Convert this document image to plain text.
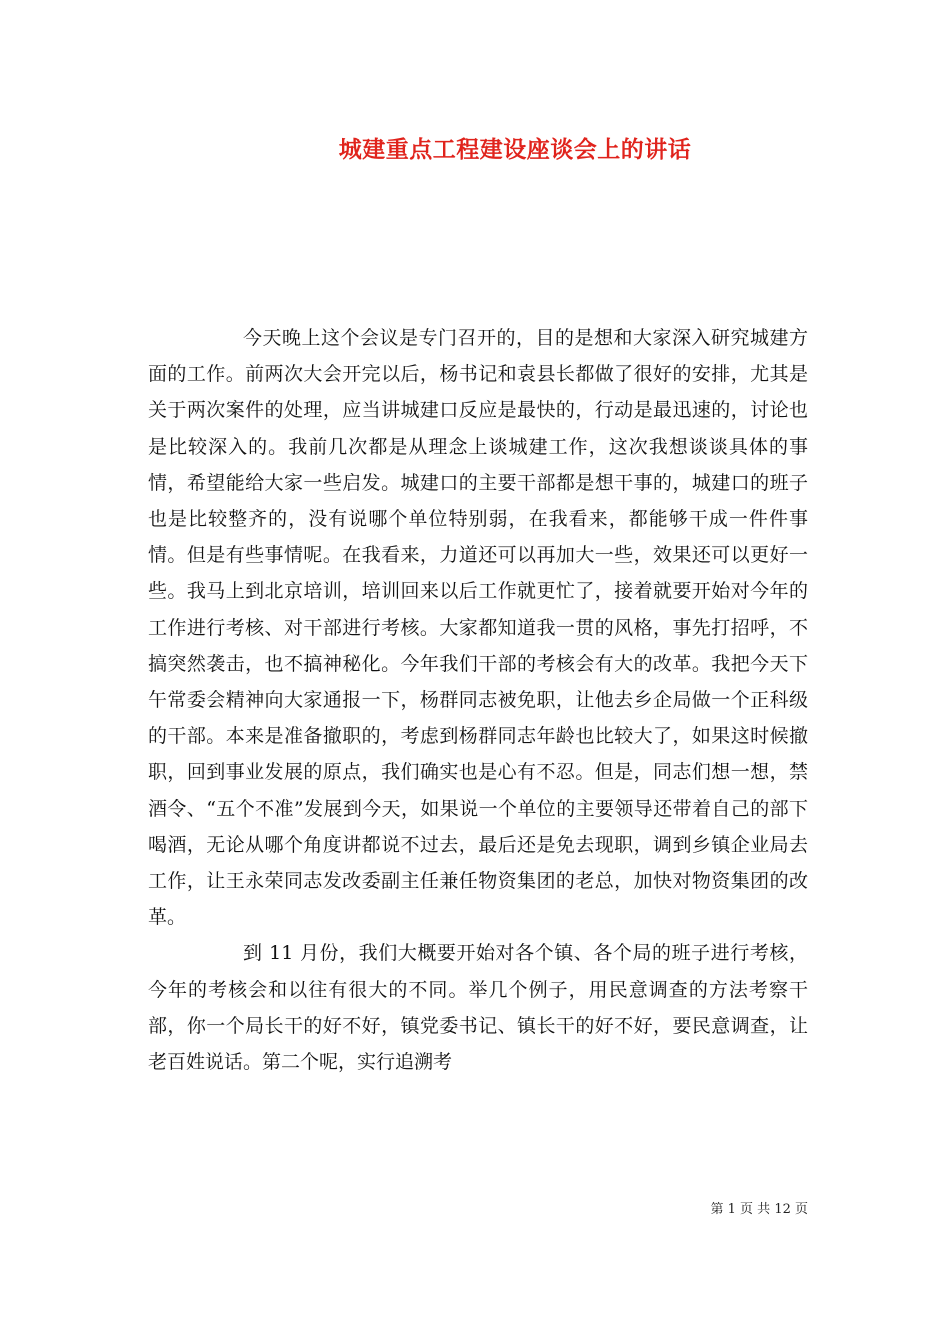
城建重点工程建设座谈会上的讲话

今天晚上这个会议是专门召开的，目的是想和大家深入研究城建方面的工作。前两次大会开完以后，杨书记和袁县长都做了很好的安排，尤其是关于两次案件的处理，应当讲城建口反应是最快的，行动是最迅速的，讨论也是比较深入的。我前几次都是从理念上谈城建工作，这次我想谈谈具体的事情，希望能给大家一些启发。城建口的主要干部都是想干事的，城建口的班子也是比较整齐的，没有说哪个单位特别弱，在我看来，都能够干成一件件事情。但是有些事情呢。在我看来，力道还可以再加大一些，效果还可以更好一些。我马上到北京培训，培训回来以后工作就更忙了，接着就要开始对今年的工作进行考核、对干部进行考核。大家都知道我一贯的风格，事先打招呼，不搞突然袭击，也不搞神秘化。今年我们干部的考核会有大的改革。我把今天下午常委会精神向大家通报一下，杨群同志被免职，让他去乡企局做一个正科级的干部。本来是准备撤职的，考虑到杨群同志年龄也比较大了，如果这时候撤职，回到事业发展的原点，我们确实也是心有不忍。但是，同志们想一想，禁酒令、“五个不准”发展到今天，如果说一个单位的主要领导还带着自己的部下喝酒，无论从哪个角度讲都说不过去，最后还是免去现职，调到乡镇企业局去工作，让王永荣同志发改委副主任兼任物资集团的老总，加快对物资集团的改革。

到 11 月份，我们大概要开始对各个镇、各个局的班子进行考核，今年的考核会和以往有很大的不同。举几个例子，用民意调查的方法考察干部，你一个局长干的好不好，镇党委书记、镇长干的好不好，要民意调查，让老百姓说话。第二个呢，实行追溯考

第 1 页 共 12 页
